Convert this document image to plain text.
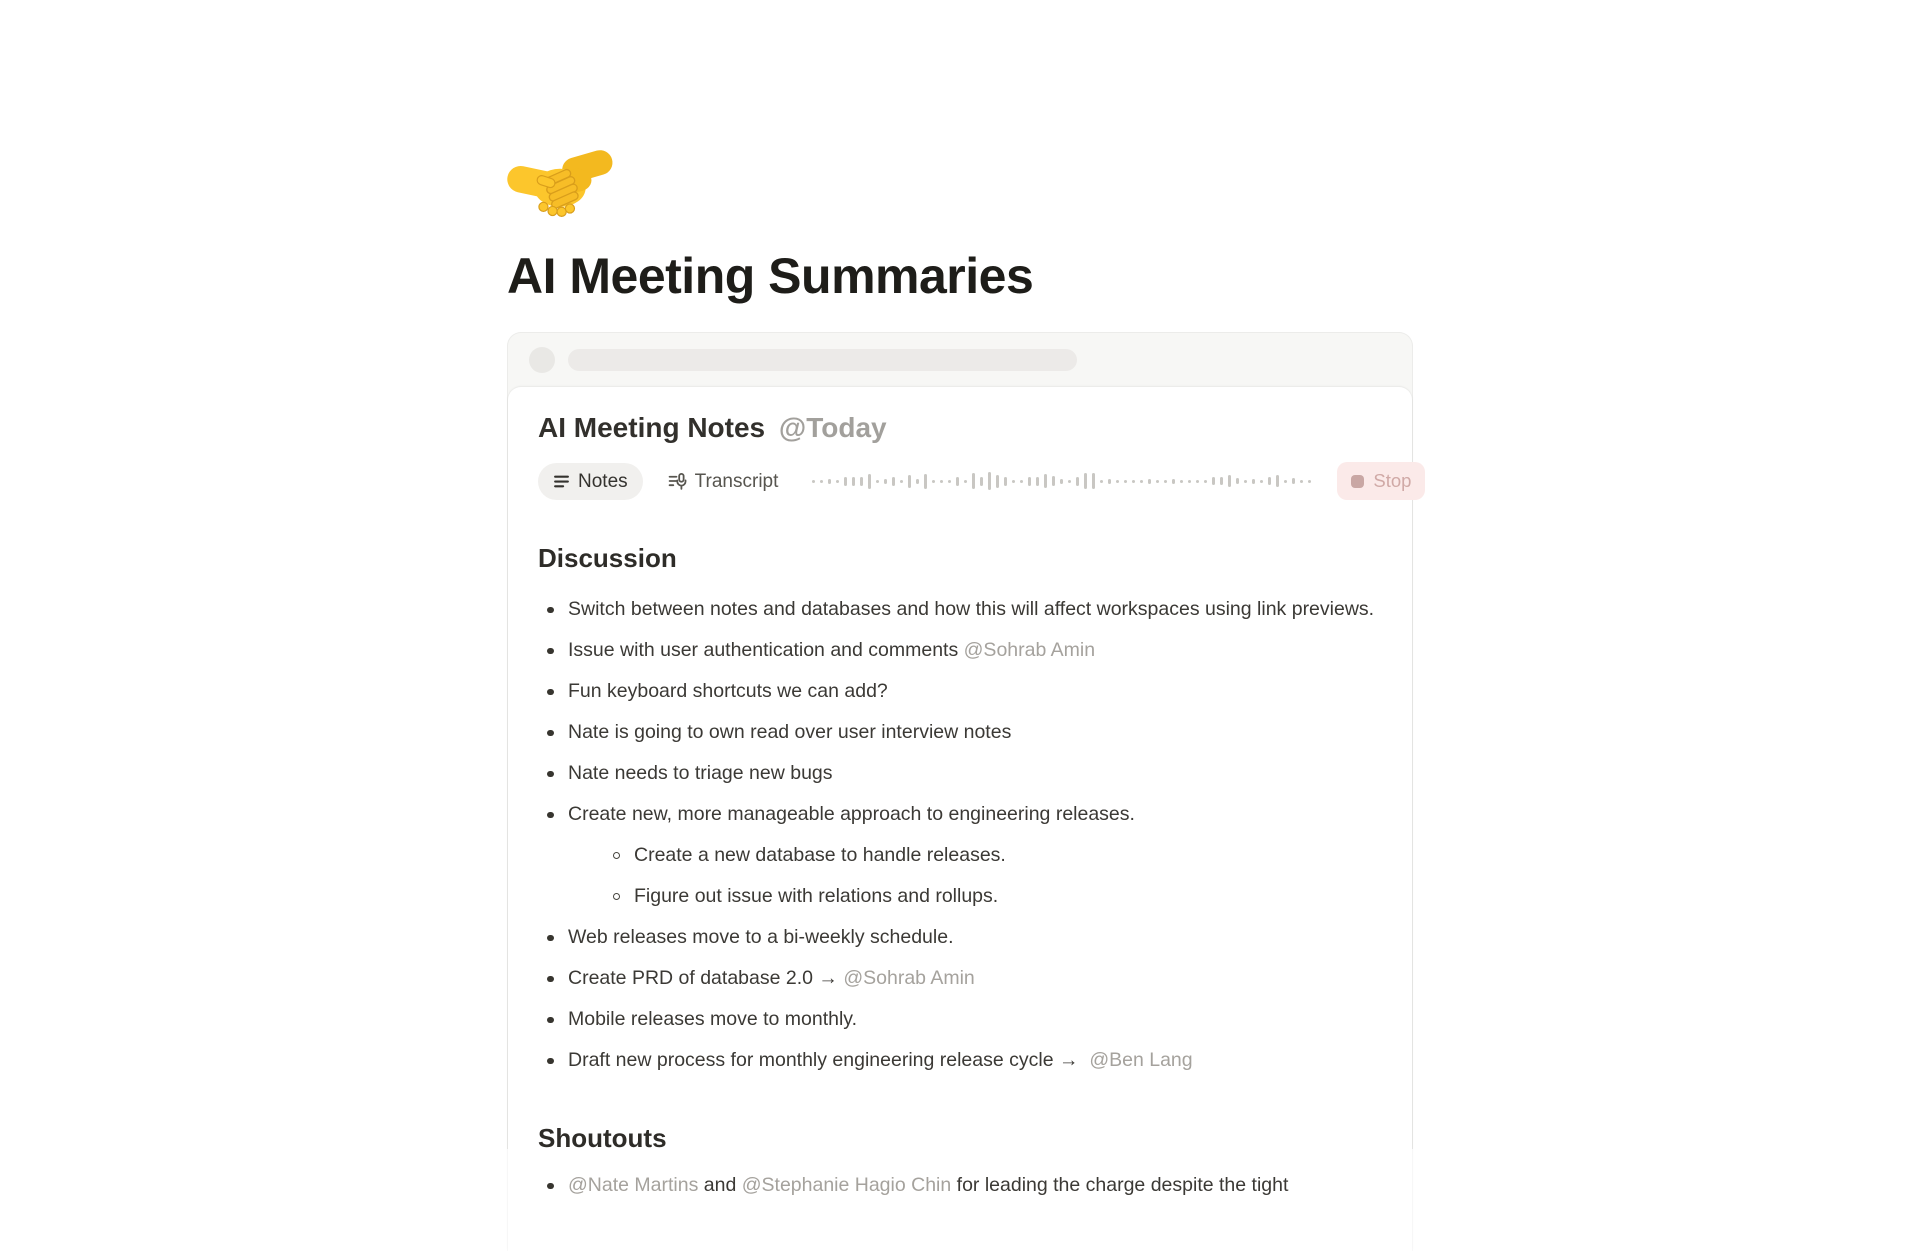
AI Meeting Summaries
AI Meeting Notes @Today
Notes	Transcript	Stop
Discussion
Switch between notes and databases and how this will affect workspaces using link previews.
Issue with user authentication and comments @Sohrab Amin
Fun keyboard shortcuts we can add?
Nate is going to own read over user interview notes
Nate needs to triage new bugs
Create new, more manageable approach to engineering releases.
Create a new database to handle releases.
Figure out issue with relations and rollups.
Web releases move to a bi-weekly schedule.
Create PRD of database 2.0 → @Sohrab Amin
Mobile releases move to monthly.
Draft new process for monthly engineering release cycle →  @Ben Lang
Shoutouts
@Nate Martins and @Stephanie Hagio Chin for leading the charge despite the tight
